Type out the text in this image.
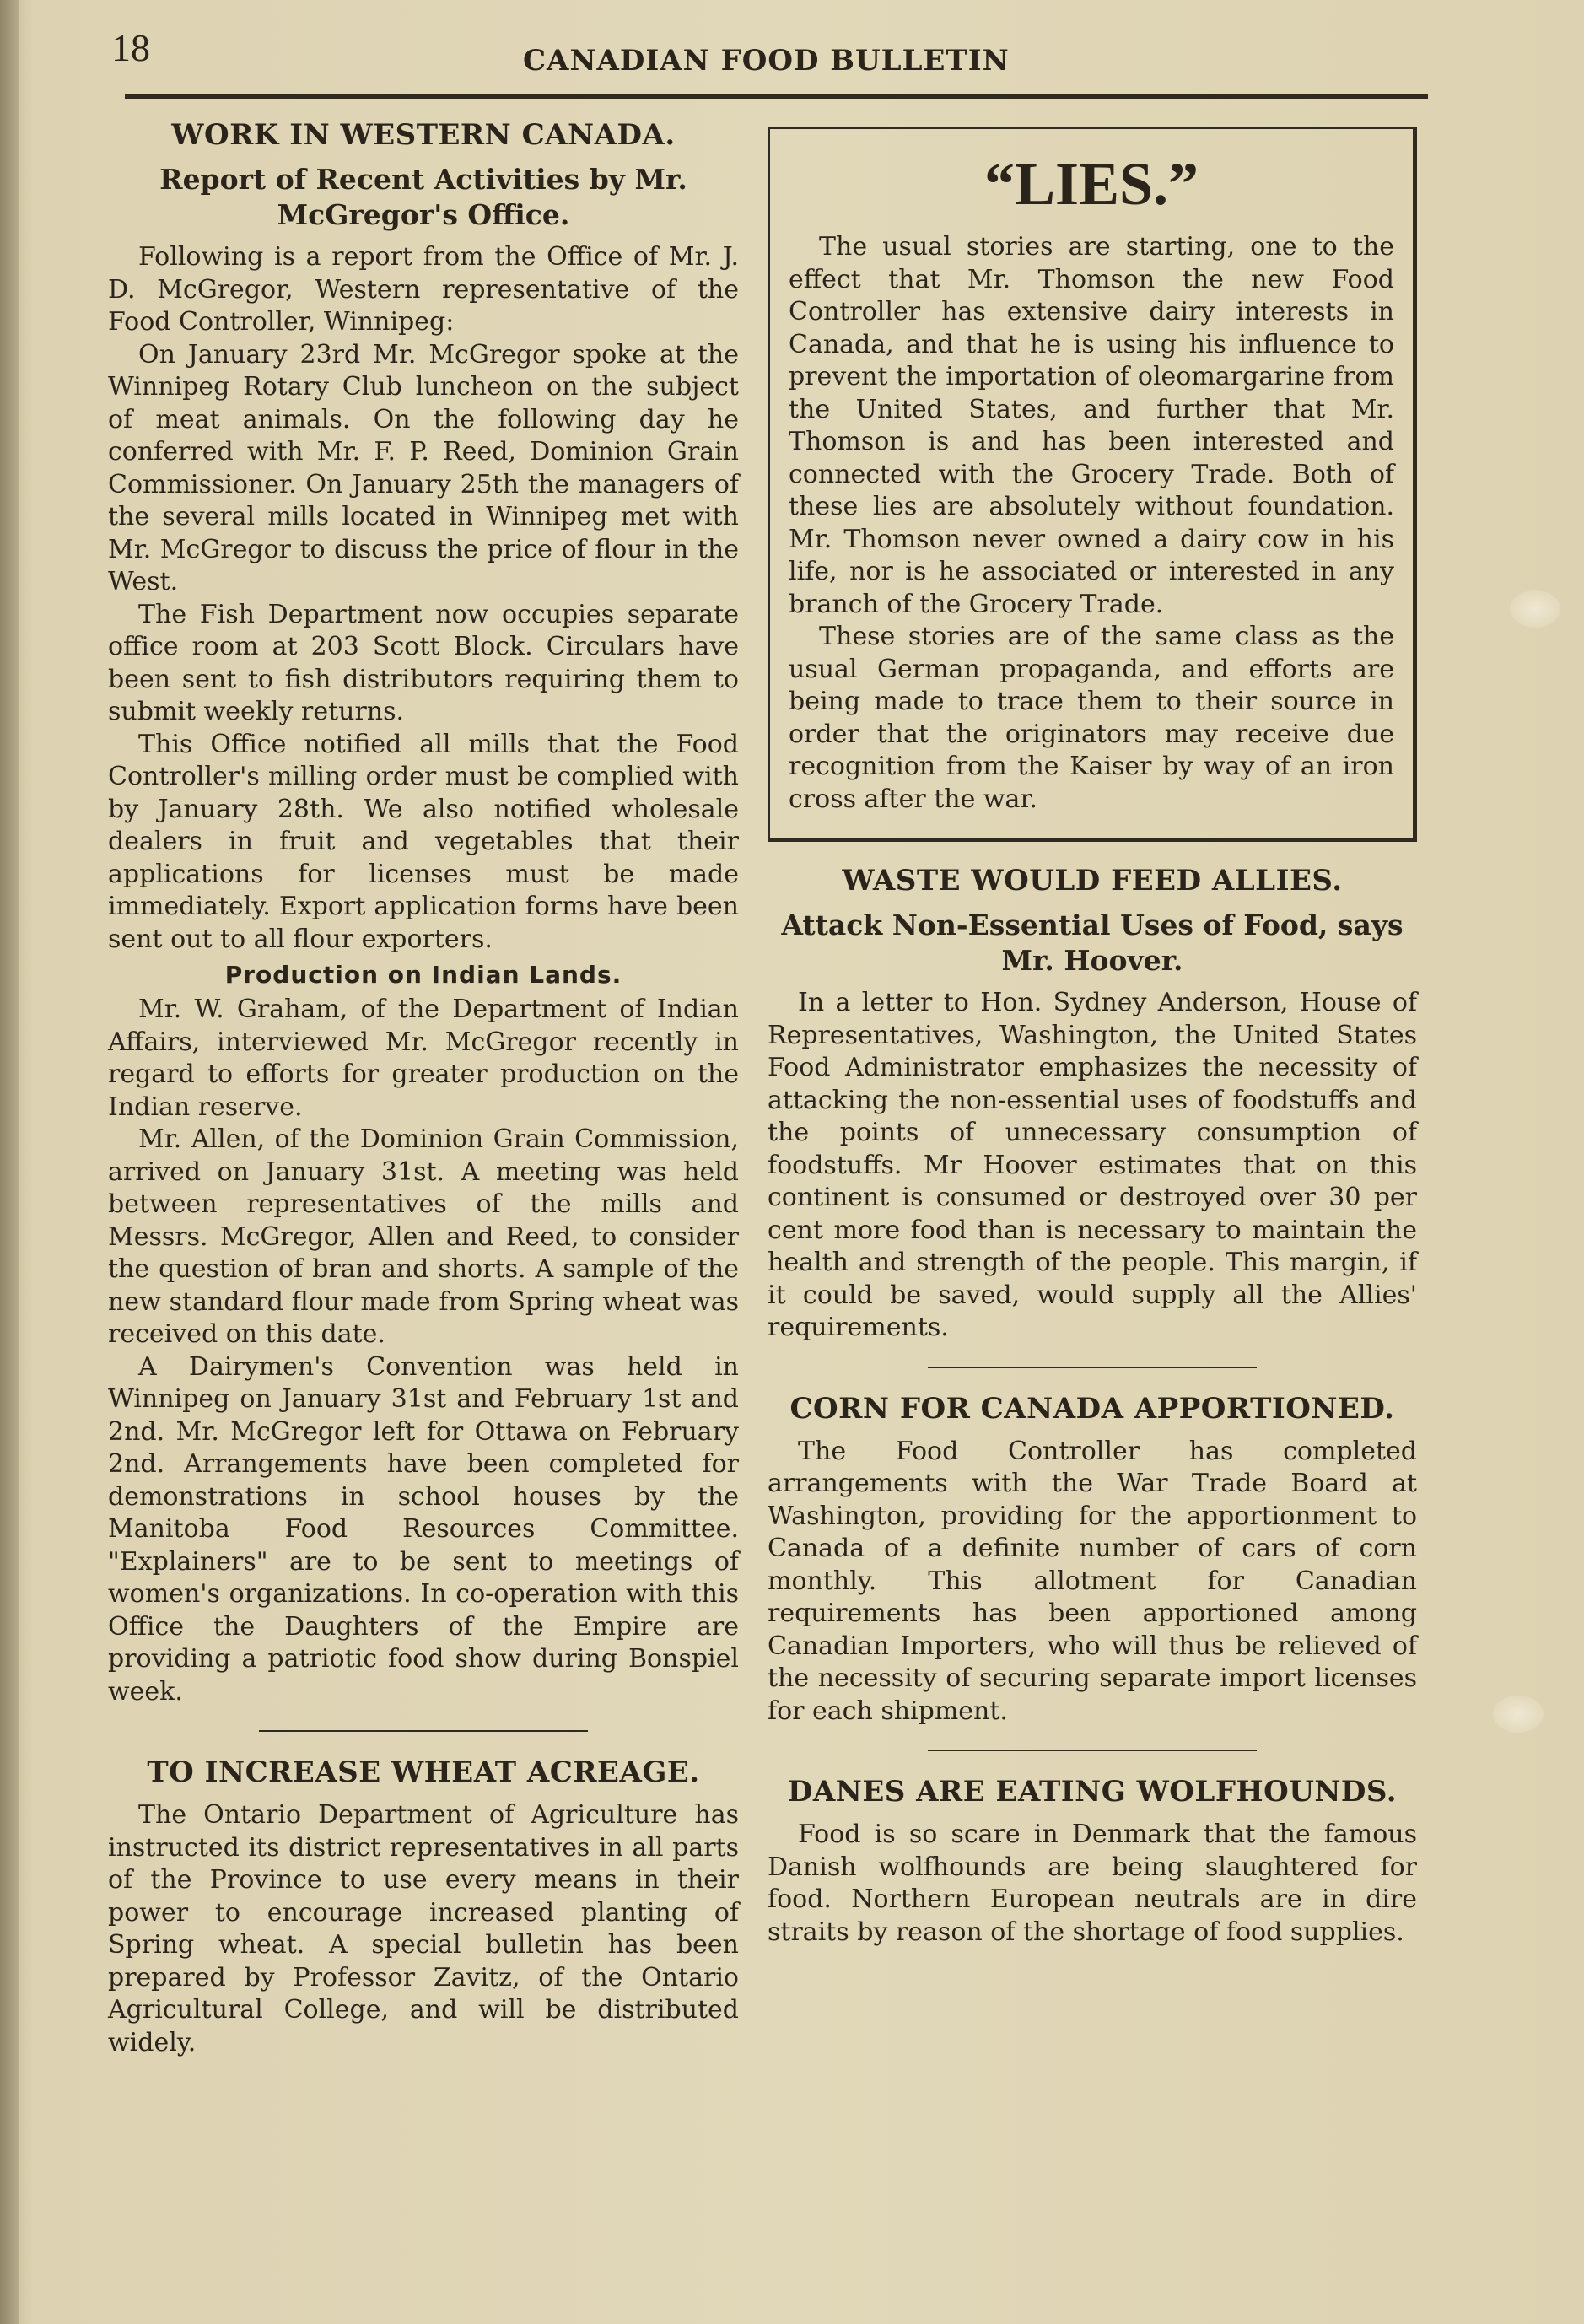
18	CANADIAN FOOD BULLETIN
WORK IN WESTERN CANADA.
Report of Recent Activities by Mr. McGregor's Office.

Following is a report from the Office of Mr. J. D. McGregor, Western representative of the Food Controller, Winnipeg:

On January 23rd Mr. McGregor spoke at the Winnipeg Rotary Club luncheon on the subject of meat animals. On the following day he conferred with Mr. F. P. Reed, Dominion Grain Commissioner. On January 25th the managers of the several mills located in Winnipeg met with Mr. McGregor to discuss the price of flour in the West.

The Fish Department now occupies separate office room at 203 Scott Block. Circulars have been sent to fish distributors requiring them to submit weekly returns.

This Office notified all mills that the Food Controller's milling order must be complied with by January 28th. We also notified wholesale dealers in fruit and vegetables that their applications for licenses must be made immediately. Export application forms have been sent out to all flour exporters.

Production on Indian Lands.

Mr. W. Graham, of the Department of Indian Affairs, interviewed Mr. McGregor recently in regard to efforts for greater production on the Indian reserve.

Mr. Allen, of the Dominion Grain Commission, arrived on January 31st. A meeting was held between representatives of the mills and Messrs. McGregor, Allen and Reed, to consider the question of bran and shorts. A sample of the new standard flour made from Spring wheat was received on this date.

A Dairymen's Convention was held in Winnipeg on January 31st and February 1st and 2nd. Mr. McGregor left for Ottawa on February 2nd. Arrangements have been completed for demonstrations in school houses by the Manitoba Food Resources Committee. "Explainers" are to be sent to meetings of women's organizations. In co-operation with this Office the Daughters of the Empire are providing a patriotic food show during Bonspiel week.

TO INCREASE WHEAT ACREAGE.

The Ontario Department of Agriculture has instructed its district representatives in all parts of the Province to use every means in their power to encourage increased planting of Spring wheat. A special bulletin has been prepared by Professor Zavitz, of the Ontario Agricultural College, and will be distributed widely.

“LIES.”

The usual stories are starting, one to the effect that Mr. Thomson the new Food Controller has extensive dairy interests in Canada, and that he is using his influence to prevent the importation of oleomargarine from the United States, and further that Mr. Thomson is and has been interested and connected with the Grocery Trade. Both of these lies are absolutely without foundation. Mr. Thomson never owned a dairy cow in his life, nor is he associated or interested in any branch of the Grocery Trade.

These stories are of the same class as the usual German propaganda, and efforts are being made to trace them to their source in order that the originators may receive due recognition from the Kaiser by way of an iron cross after the war.

WASTE WOULD FEED ALLIES.
Attack Non-Essential Uses of Food, says Mr. Hoover.

In a letter to Hon. Sydney Anderson, House of Representatives, Washington, the United States Food Administrator emphasizes the necessity of attacking the non-essential uses of foodstuffs and the points of unnecessary consumption of foodstuffs. Mr Hoover estimates that on this continent is consumed or destroyed over 30 per cent more food than is necessary to maintain the health and strength of the people. This margin, if it could be saved, would supply all the Allies' requirements.

CORN FOR CANADA APPORTIONED.

The Food Controller has completed arrangements with the War Trade Board at Washington, providing for the apportionment to Canada of a definite number of cars of corn monthly. This allotment for Canadian requirements has been apportioned among Canadian Importers, who will thus be relieved of the necessity of securing separate import licenses for each shipment.

DANES ARE EATING WOLFHOUNDS.

Food is so scare in Denmark that the famous Danish wolfhounds are being slaughtered for food. Northern European neutrals are in dire straits by reason of the shortage of food supplies.
